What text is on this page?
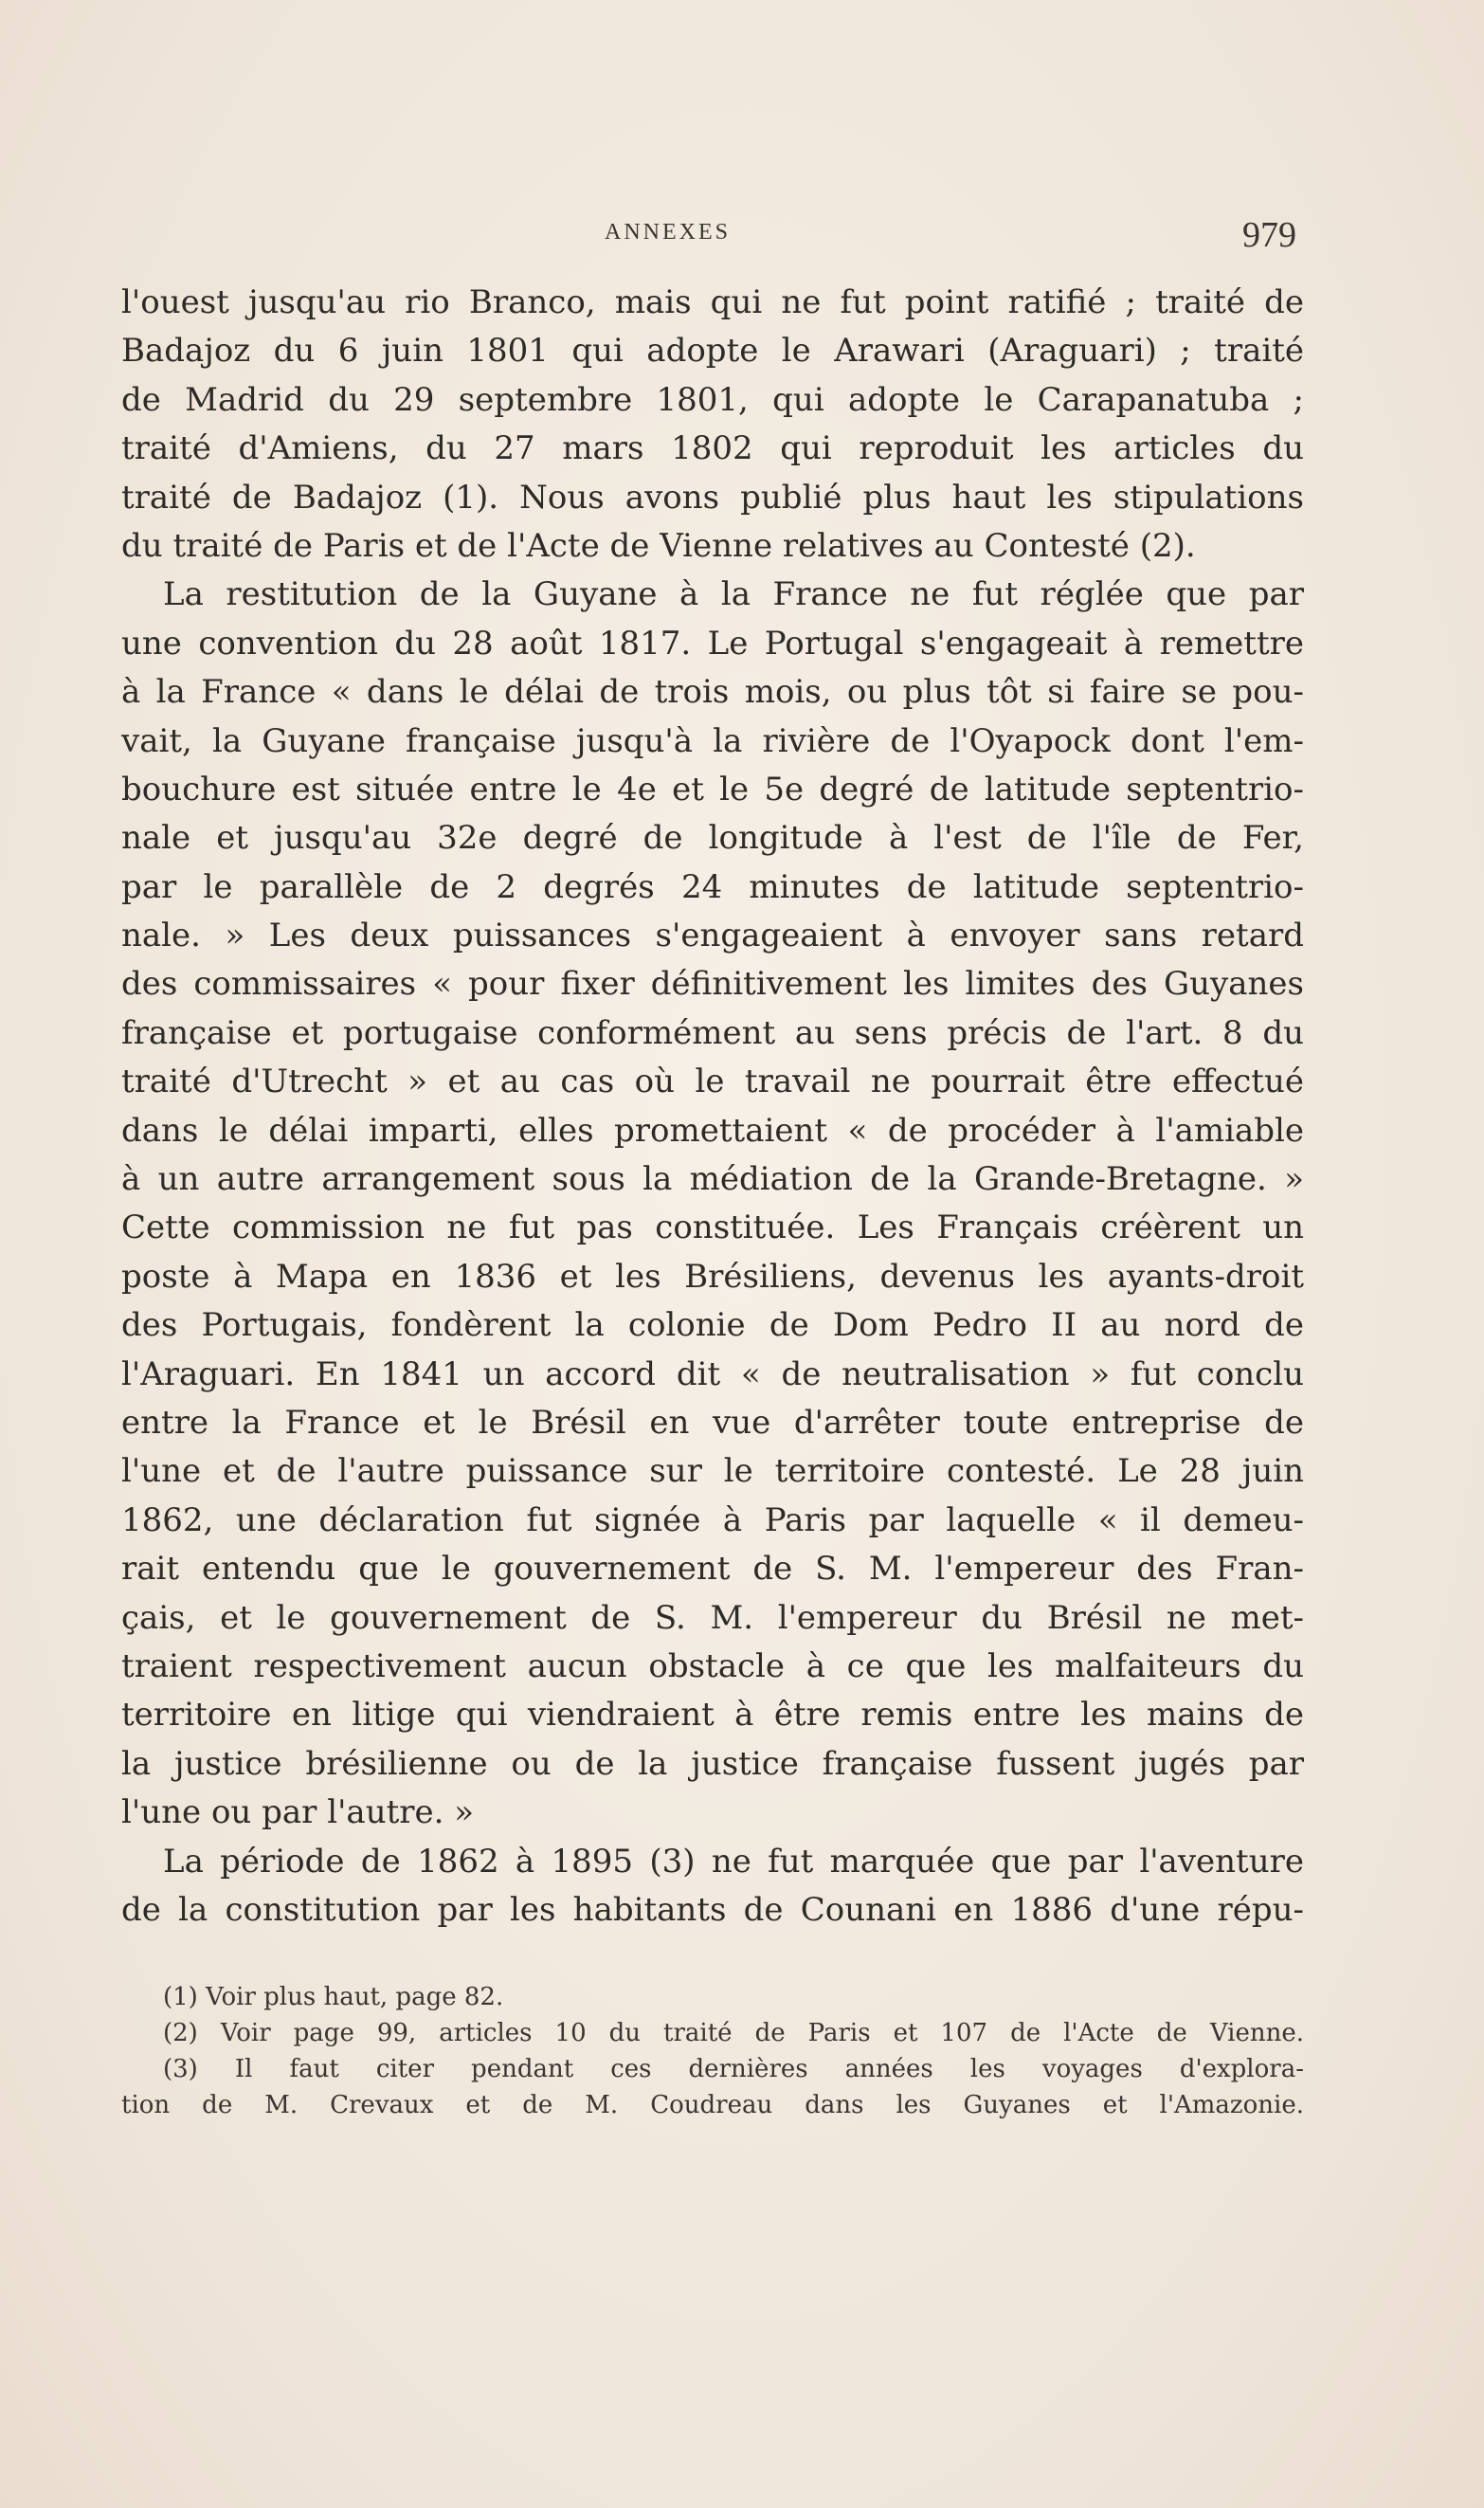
ANNEXES	979
l'ouest jusqu'au rio Branco, mais qui ne fut point ratifié ; traité de
Badajoz du 6 juin 1801 qui adopte le Arawari (Araguari) ; traité
de Madrid du 29 septembre 1801, qui adopte le Carapanatuba ;
traité d'Amiens, du 27 mars 1802 qui reproduit les articles du
traité de Badajoz (1). Nous avons publié plus haut les stipulations
du traité de Paris et de l'Acte de Vienne relatives au Contesté (2).
La restitution de la Guyane à la France ne fut réglée que par
une convention du 28 août 1817. Le Portugal s'engageait à remettre
à la France « dans le délai de trois mois, ou plus tôt si faire se pou-
vait, la Guyane française jusqu'à la rivière de l'Oyapock dont l'em-
bouchure est située entre le 4e et le 5e degré de latitude septentrio-
nale et jusqu'au 32e degré de longitude à l'est de l'île de Fer,
par le parallèle de 2 degrés 24 minutes de latitude septentrio-
nale. » Les deux puissances s'engageaient à envoyer sans retard
des commissaires « pour fixer définitivement les limites des Guyanes
française et portugaise conformément au sens précis de l'art. 8 du
traité d'Utrecht » et au cas où le travail ne pourrait être effectué
dans le délai imparti, elles promettaient « de procéder à l'amiable
à un autre arrangement sous la médiation de la Grande-Bretagne. »
Cette commission ne fut pas constituée. Les Français créèrent un
poste à Mapa en 1836 et les Brésiliens, devenus les ayants-droit
des Portugais, fondèrent la colonie de Dom Pedro II au nord de
l'Araguari. En 1841 un accord dit « de neutralisation » fut conclu
entre la France et le Brésil en vue d'arrêter toute entreprise de
l'une et de l'autre puissance sur le territoire contesté. Le 28 juin
1862, une déclaration fut signée à Paris par laquelle « il demeu-
rait entendu que le gouvernement de S. M. l'empereur des Fran-
çais, et le gouvernement de S. M. l'empereur du Brésil ne met-
traient respectivement aucun obstacle à ce que les malfaiteurs du
territoire en litige qui viendraient à être remis entre les mains de
la justice brésilienne ou de la justice française fussent jugés par
l'une ou par l'autre. »
La période de 1862 à 1895 (3) ne fut marquée que par l'aventure
de la constitution par les habitants de Counani en 1886 d'une répu-
(1) Voir plus haut, page 82.
(2) Voir page 99, articles 10 du traité de Paris et 107 de l'Acte de Vienne.
(3) Il faut citer pendant ces dernières années les voyages d'explora-
tion de M. Crevaux et de M. Coudreau dans les Guyanes et l'Amazonie.
